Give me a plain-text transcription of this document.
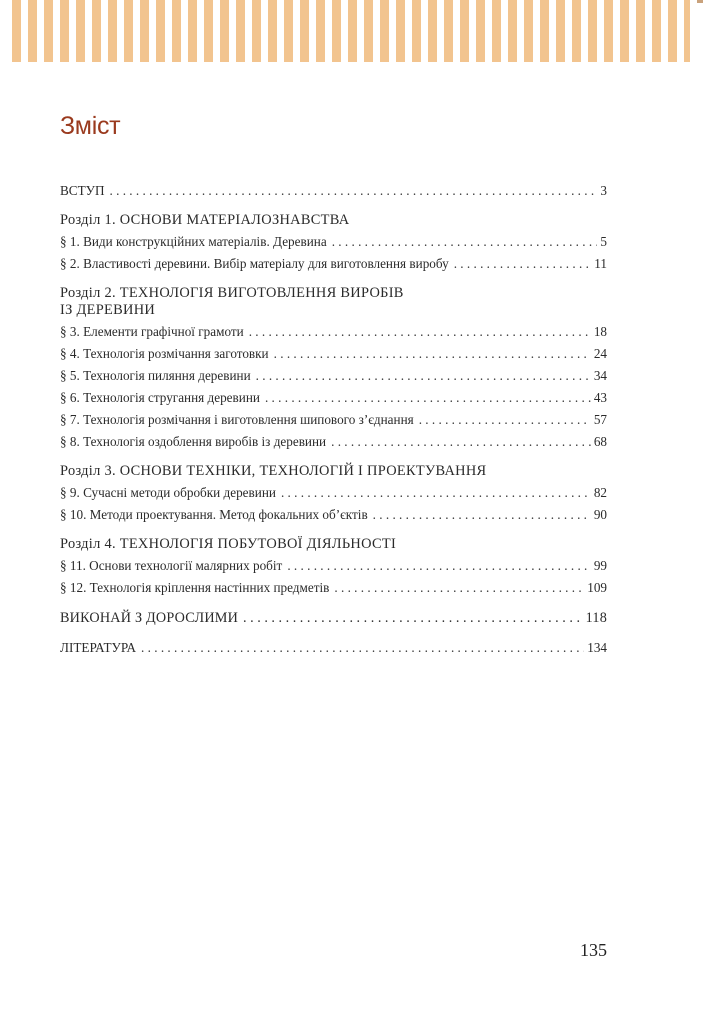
Зміст
ВСТУП . . .	3
Розділ 1. ОСНОВИ МАТЕРІАЛОЗНАВСТВА
§ 1. Види конструкційних матеріалів. Деревина . . .	5
§ 2. Властивості деревини. Вибір матеріалу для виготовлення виробу . . .	11
Розділ 2. ТЕХНОЛОГІЯ ВИГОТОВЛЕННЯ ВИРОБІВ
ІЗ ДЕРЕВИНИ
§ 3. Елементи графічної грамоти . . .	18
§ 4. Технологія розмічання заготовки . . .	24
§ 5. Технологія пиляння деревини . . .	34
§ 6. Технологія стругання деревини . . .	43
§ 7. Технологія розмічання і виготовлення шипового з’єднання . . .	57
§ 8. Технологія оздоблення виробів із деревини . . .	68
Розділ 3. ОСНОВИ ТЕХНІКИ, ТЕХНОЛОГІЙ І ПРОЕКТУВАННЯ
§ 9. Сучасні методи обробки деревини . . .	82
§ 10. Методи проектування. Метод фокальних об’єктів . . .	90
Розділ 4. ТЕХНОЛОГІЯ ПОБУТОВОЇ ДІЯЛЬНОСТІ
§ 11. Основи технології малярних робіт . . .	99
§ 12. Технологія кріплення настінних предметів . . .	109
ВИКОНАЙ З ДОРОСЛИМИ . . .	118
ЛІТЕРАТУРА . . .	134
135
